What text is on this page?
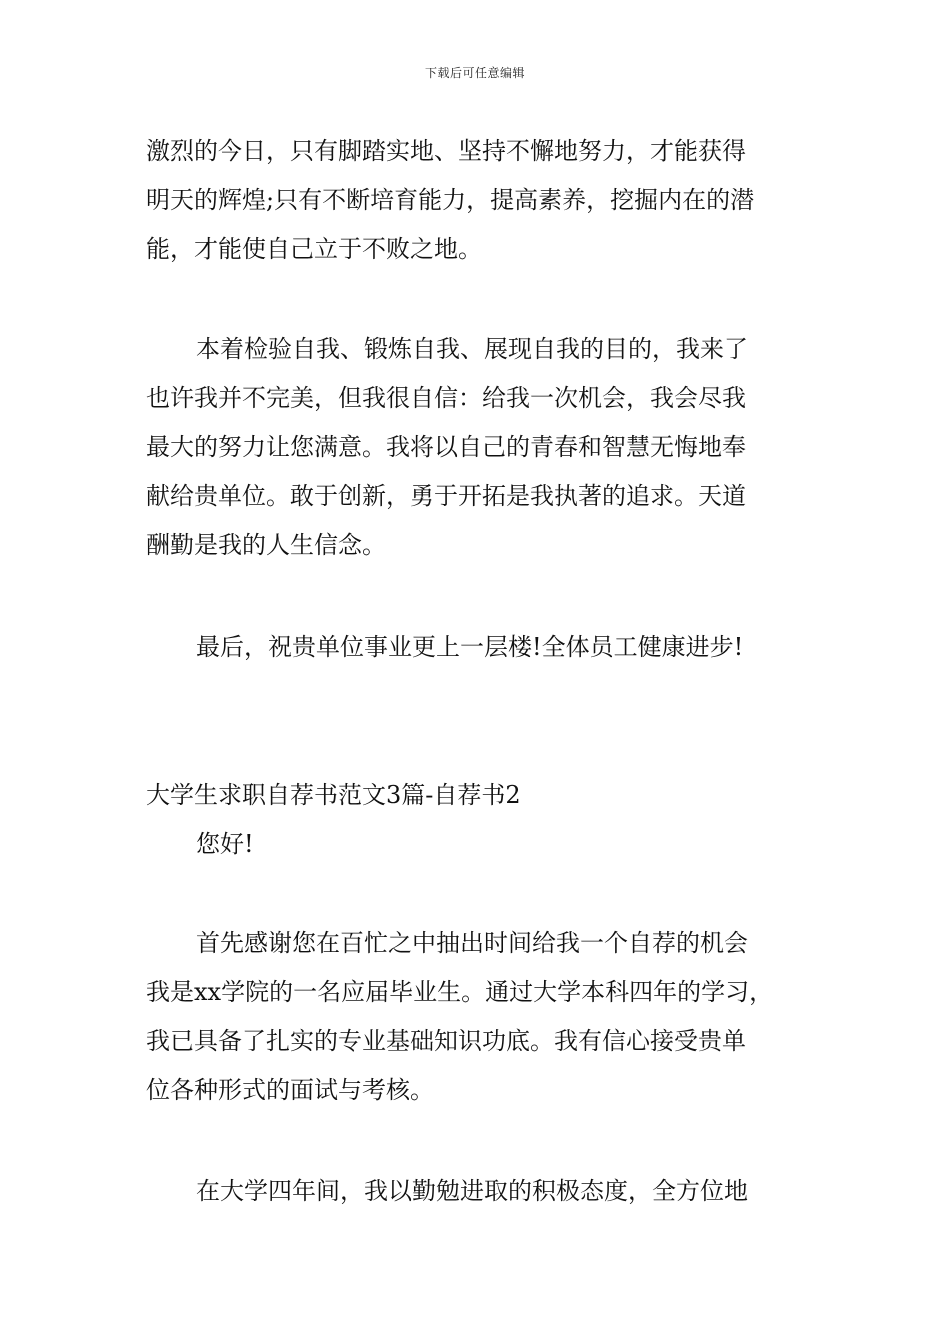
下载后可任意编辑
激烈的今日，只有脚踏实地、坚持不懈地努力，才能获得
明天的辉煌;只有不断培育能力，提高素养，挖掘内在的潜
能，才能使自己立于不败之地。
本着检验自我、锻炼自我、展现自我的目的，我来了
也许我并不完美，但我很自信：给我一次机会，我会尽我
最大的努力让您满意。我将以自己的青春和智慧无悔地奉
献给贵单位。敢于创新，勇于开拓是我执著的追求。天道
酬勤是我的人生信念。
最后，祝贵单位事业更上一层楼!全体员工健康进步!
大学生求职自荐书范文3篇-自荐书2
您好!
首先感谢您在百忙之中抽出时间给我一个自荐的机会
我是xx学院的一名应届毕业生。通过大学本科四年的学习，
我已具备了扎实的专业基础知识功底。我有信心接受贵单
位各种形式的面试与考核。
在大学四年间，我以勤勉进取的积极态度，全方位地
